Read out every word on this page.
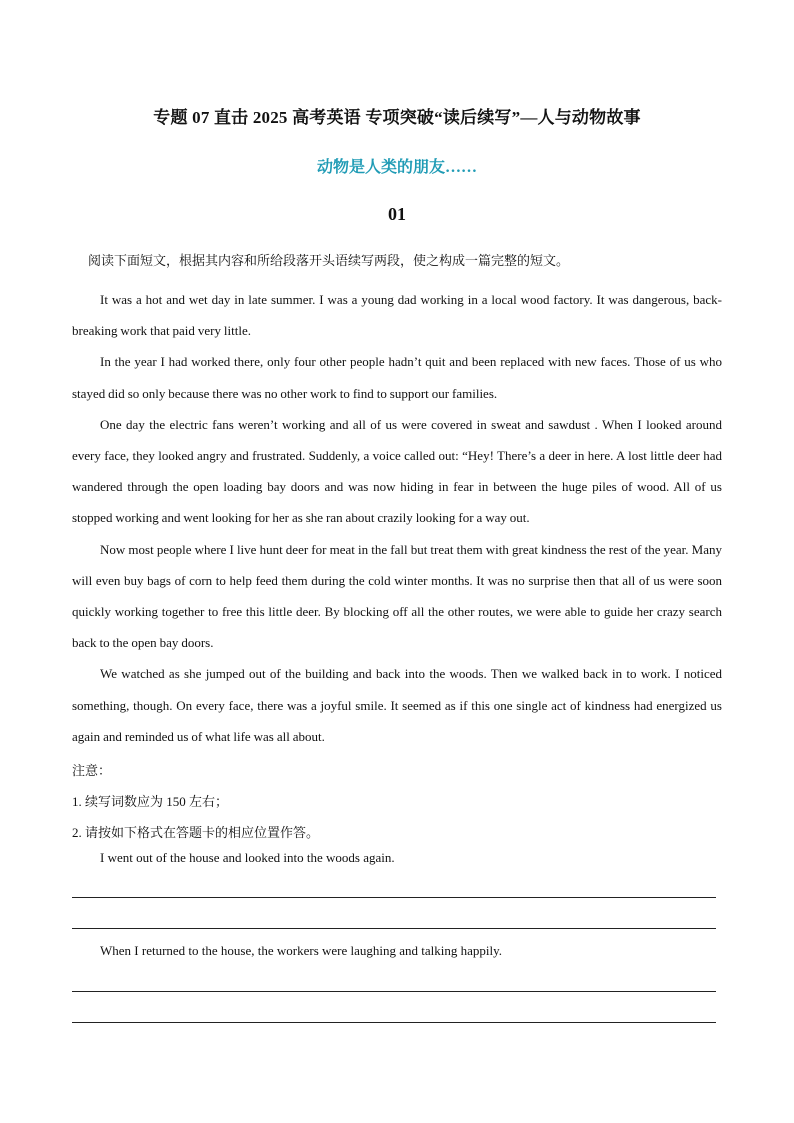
专题 07 直击 2025 高考英语 专项突破“读后续写”—人与动物故事
动物是人类的朋友……
01
阅读下面短文，根据其内容和所给段落开头语续写两段，使之构成一篇完整的短文。

It was a hot and wet day in late summer. I was a young dad working in a local wood factory. It was dangerous, back-breaking work that paid very little.

In the year I had worked there, only four other people hadn’t quit and been replaced with new faces. Those of us who stayed did so only because there was no other work to find to support our families.

One day the electric fans weren’t working and all of us were covered in sweat and sawdust . When I looked around every face, they looked angry and frustrated. Suddenly, a voice called out: “Hey! There’s a deer in here. A lost little deer had wandered through the open loading bay doors and was now hiding in fear in between the huge piles of wood. All of us stopped working and went looking for her as she ran about crazily looking for a way out.

Now most people where I live hunt deer for meat in the fall but treat them with great kindness the rest of the year. Many will even buy bags of corn to help feed them during the cold winter months. It was no surprise then that all of us were soon quickly working together to free this little deer. By blocking off all the other routes, we were able to guide her crazy search back to the open bay doors.

We watched as she jumped out of the building and back into the woods. Then we walked back in to work. I noticed something, though. On every face, there was a joyful smile. It seemed as if this one single act of kindness had energized us again and reminded us of what life was all about.

注意：
1. 续写词数应为 150 左右；
2. 请按如下格式在答题卡的相应位置作答。
I went out of the house and looked into the woods again.
When I returned to the house, the workers were laughing and talking happily.
